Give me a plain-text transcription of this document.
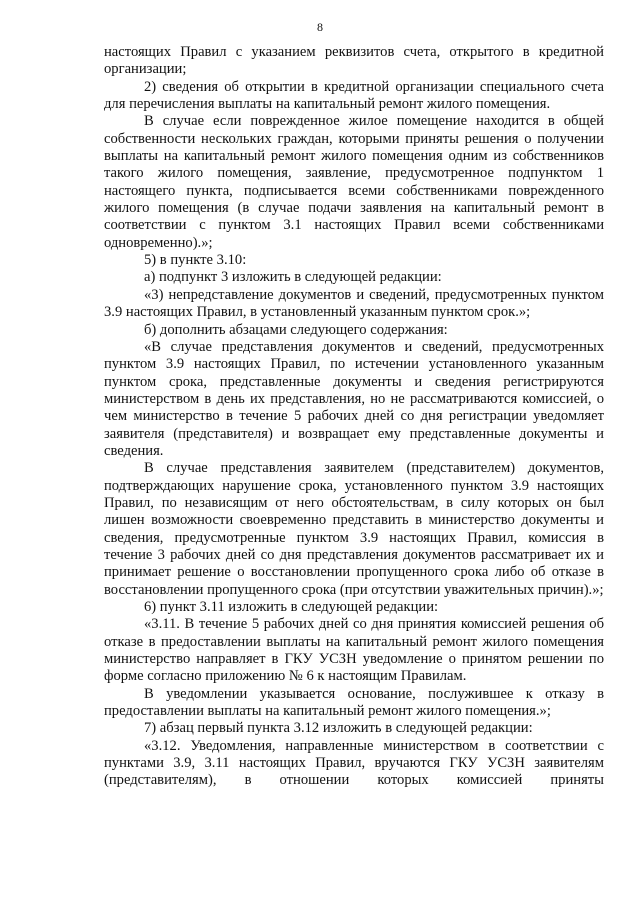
8

настоящих Правил с указанием реквизитов счета, открытого в кредитной организации;

2) сведения об открытии в кредитной организации специального счета для перечисления выплаты на капитальный ремонт жилого помещения.

В случае если поврежденное жилое помещение находится в общей собственности нескольких граждан, которыми приняты решения о получении выплаты на капитальный ремонт жилого помещения одним из собственников такого жилого помещения, заявление, предусмотренное подпунктом 1 настоящего пункта, подписывается всеми собственниками поврежденного жилого помещения (в случае подачи заявления на капитальный ремонт в соответствии с пунктом 3.1 настоящих Правил всеми собственниками одновременно).»;

5) в пункте 3.10:

а) подпункт 3 изложить в следующей редакции:

«3) непредставление документов и сведений, предусмотренных пунктом 3.9 настоящих Правил, в установленный указанным пунктом срок.»;

б) дополнить абзацами следующего содержания:

«В случае представления документов и сведений, предусмотренных пунктом 3.9 настоящих Правил, по истечении установленного указанным пунктом срока, представленные документы и сведения регистрируются министерством в день их представления, но не рассматриваются комиссией, о чем министерство в течение 5 рабочих дней со дня регистрации уведомляет заявителя (представителя) и возвращает ему представленные документы и сведения.

В случае представления заявителем (представителем) документов, подтверждающих нарушение срока, установленного пунктом 3.9 настоящих Правил, по независящим от него обстоятельствам, в силу которых он был лишен возможности своевременно представить в министерство документы и сведения, предусмотренные пунктом 3.9 настоящих Правил, комиссия в течение 3 рабочих дней со дня представления документов рассматривает их и принимает решение о восстановлении пропущенного срока либо об отказе в восстановлении пропущенного срока (при отсутствии уважительных причин).»;

6) пункт 3.11 изложить в следующей редакции:

«3.11. В течение 5 рабочих дней со дня принятия комиссией решения об отказе в предоставлении выплаты на капитальный ремонт жилого помещения министерство направляет в ГКУ УСЗН уведомление о принятом решении по форме согласно приложению № 6 к настоящим Правилам.

В уведомлении указывается основание, послужившее к отказу в предоставлении выплаты на капитальный ремонт жилого помещения.»;

7) абзац первый пункта 3.12 изложить в следующей редакции:

«3.12. Уведомления, направленные министерством в соответствии с пунктами 3.9, 3.11 настоящих Правил, вручаются ГКУ УСЗН заявителям (представителям), в отношении которых комиссией приняты
